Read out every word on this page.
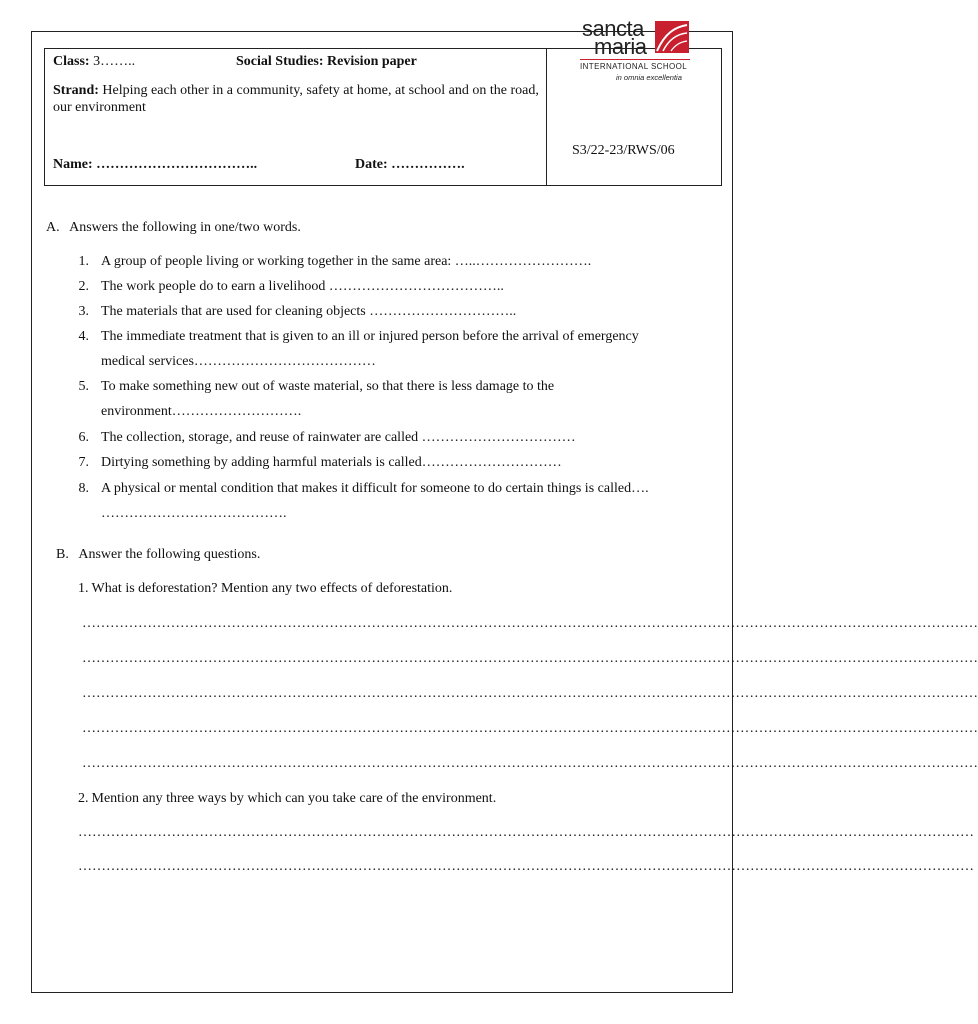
Class: 3……..	Social Studies: Revision paper
Strand: Helping each other in a community, safety at home, at school and on the road, our environment
Name: ……………………………..	Date: …………….
S3/22-23/RWS/06
sancta
maria
INTERNATIONAL SCHOOL
in omnia excellentia
A. Answers the following in one/two words.
1. A group of people living or working together in the same area: …..…………………….
2. The work people do to earn a livelihood ………………………………..
3. The materials that are used for cleaning objects …………………………..
4. The immediate treatment that is given to an ill or injured person before the arrival of emergency
medical services…………………………………
5. To make something new out of waste material, so that there is less damage to the
environment……………………….
6. The collection, storage, and reuse of rainwater are called ……………………………
7. Dirtying something by adding harmful materials is called…………………………
8. A physical or mental condition that makes it difficult for someone to do certain things is called….
………………………………….
B. Answer the following questions.
1. What is deforestation? Mention any two effects of deforestation.
…………………………………………………………………………………………………………………………………………………………………………
…………………………………………………………………………………………………………………………………………………………………………
…………………………………………………………………………………………………………………………………………………………………………
…………………………………………………………………………………………………………………………………………………………………………
…………………………………………………………………………………………………………………………………………………………………………
2. Mention any three ways by which can you take care of the environment.
…………………………………………………………………………………………………………………………………………………………………………
…………………………………………………………………………………………………………………………………………………………………………
